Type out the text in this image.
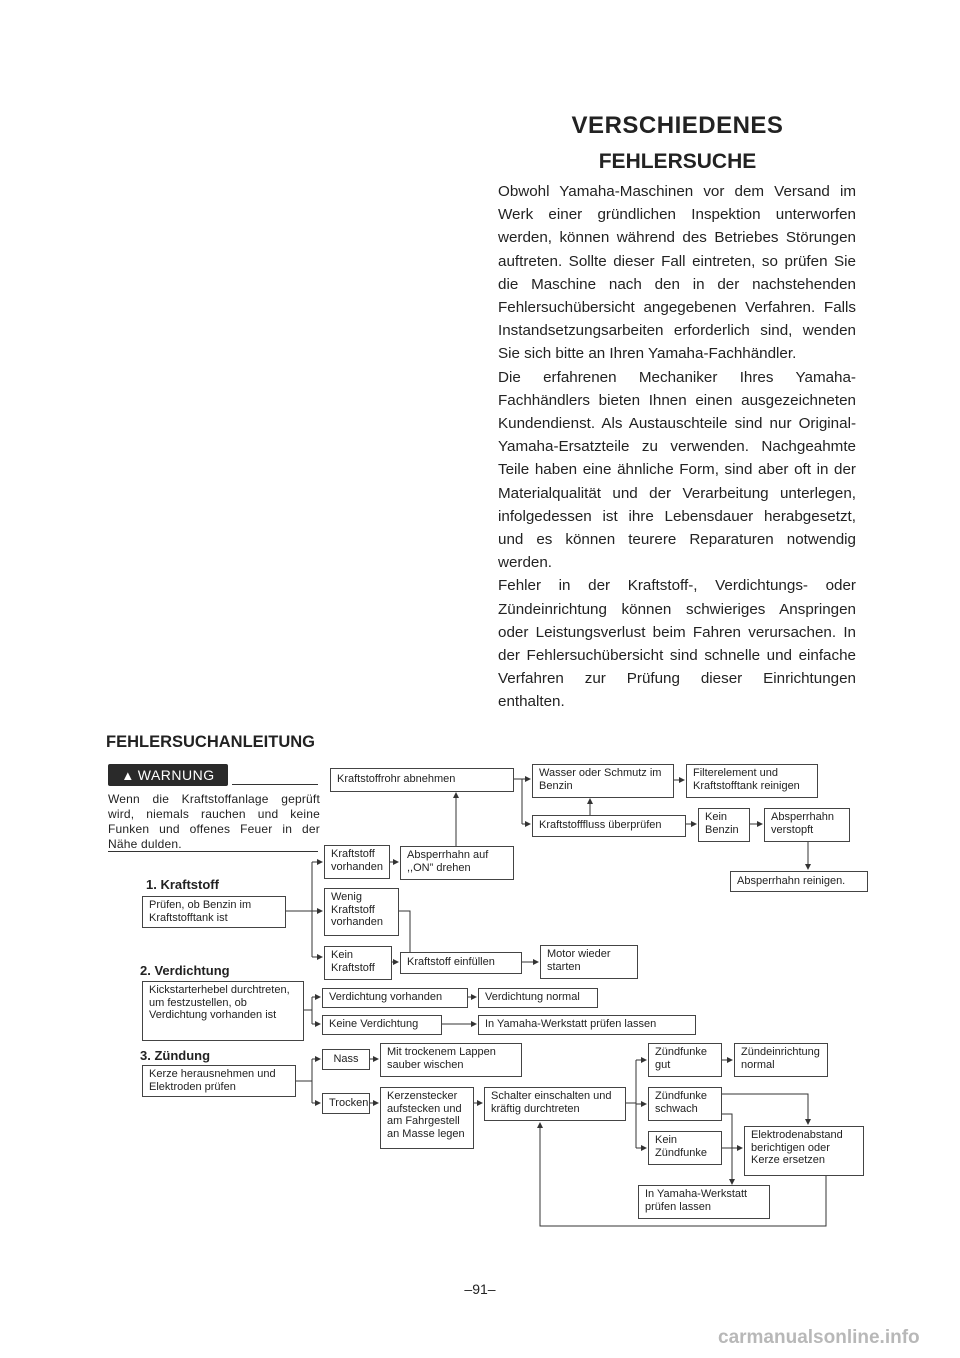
VERSCHIEDENES
FEHLERSUCHE

Obwohl Yamaha-Maschinen vor dem Versand im Werk einer gründlichen Inspektion unterworfen werden, können während des Betriebes Störungen auftreten. Sollte dieser Fall eintreten, so prüfen Sie die Maschine nach den in der nachstehenden Fehlersuchübersicht angegebenen Verfahren. Falls Instandsetzungsarbeiten erforderlich sind, wenden Sie sich bitte an Ihren Yamaha-Fachhändler.

Die erfahrenen Mechaniker Ihres Yamaha-Fachhändlers bieten Ihnen einen ausgezeichneten Kundendienst. Als Austauschteile sind nur Original-Yamaha-Ersatzteile zu verwenden. Nachgeahmte Teile haben eine ähnliche Form, sind aber oft in der Materialqualität und der Verarbeitung unterlegen, infolgedessen ist ihre Lebensdauer herabgesetzt, und es können teurere Reparaturen notwendig werden.

Fehler in der Kraftstoff-, Verdichtungs- oder Zündeinrichtung können schwieriges Anspringen oder Leistungsverlust beim Fahren verursachen. In der Fehlersuchübersicht sind schnelle und einfache Verfahren zur Prüfung dieser Einrichtungen enthalten.

FEHLERSUCHANLEITUNG
▲ WARNUNG
Wenn die Kraftstoffanlage geprüft wird, niemals rauchen und keine Funken und offenes Feuer in der Nähe dulden.
1. Kraftstoff
2. Verdichtung
3. Zündung
Kraftstoffrohr abnehmen	Wasser oder Schmutz im Benzin
Filterelement und Kraftstofftank reinigen
Kraftstofffluss überprüfen
Kein Benzin
Absperrhahn verstopft
Absperrhahn reinigen.
Prüfen, ob Benzin im Kraftstofftank ist
Kraftstoff vorhanden
Absperrhahn auf ,,ON” drehen
Wenig Kraftstoff vorhanden
Kein Kraftstoff	Kraftstoff einfüllen
Motor wieder starten
Kickstarterhebel durchtreten, um festzustellen, ob Verdichtung vorhanden ist
Verdichtung vorhanden	Verdichtung normal
Keine Verdichtung	In Yamaha-Werkstatt prüfen lassen
Kerze herausnehmen und Elektroden prüfen
Nass
Mit trockenem Lappen sauber wischen
Trocken
Kerzenstecker aufstecken und am Fahrgestell an Masse legen
Schalter einschalten und kräftig durchtreten
Zündfunke gut
Zündeinrichtung normal
Zündfunke schwach
Kein Zündfunke
Elektrodenabstand berichtigen oder Kerze ersetzen
In Yamaha-Werkstatt prüfen lassen
–91–
carmanualsonline.info
